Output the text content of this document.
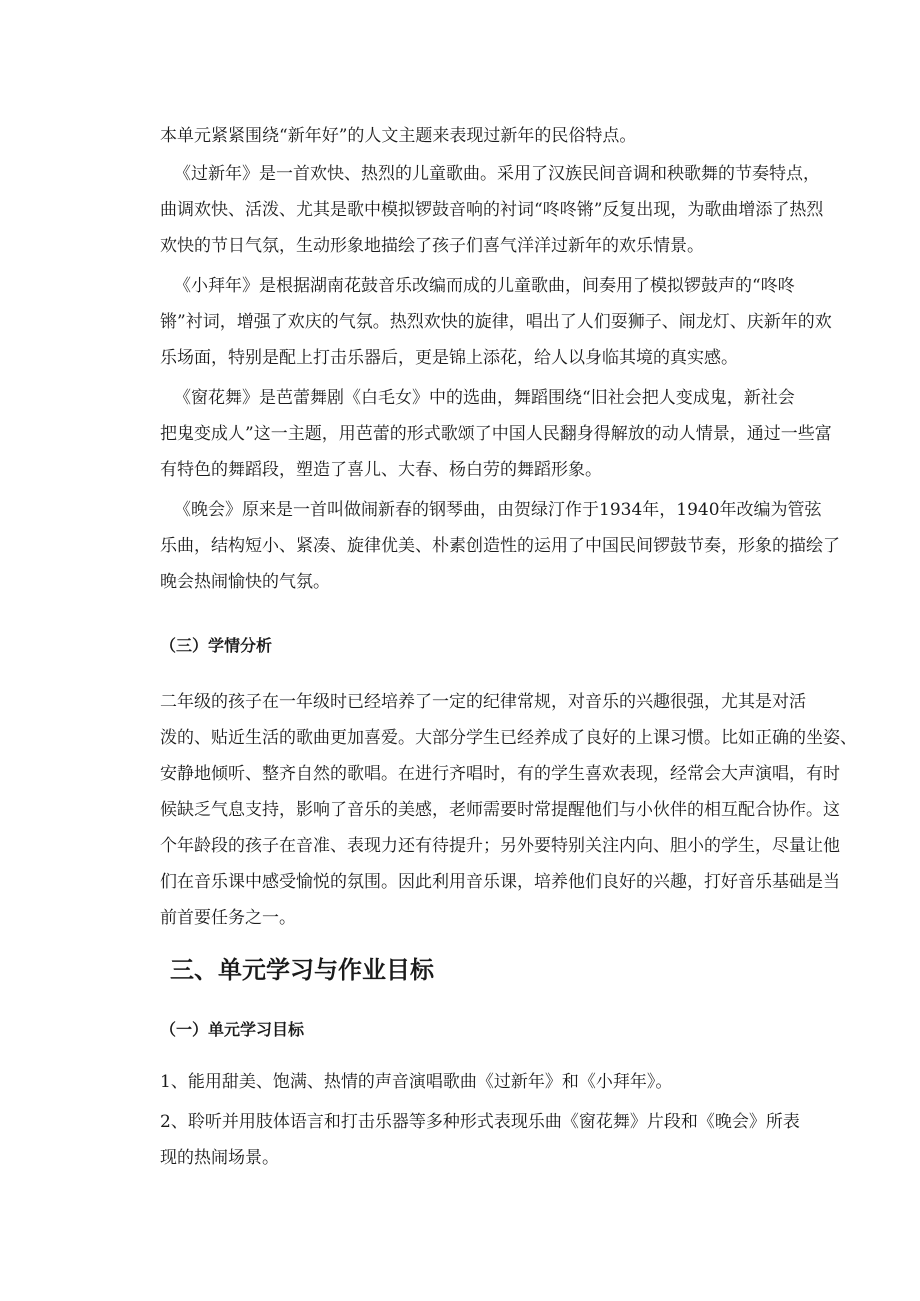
本单元紧紧围绕“新年好”的人文主题来表现过新年的民俗特点。
《过新年》是一首欢快、热烈的儿童歌曲。采用了汉族民间音调和秧歌舞的节奏特点，
曲调欢快、活泼、尤其是歌中模拟锣鼓音响的衬词“咚咚锵”反复出现，为歌曲增添了热烈
欢快的节日气氛，生动形象地描绘了孩子们喜气洋洋过新年的欢乐情景。
《小拜年》是根据湖南花鼓音乐改编而成的儿童歌曲，间奏用了模拟锣鼓声的“咚咚
锵”衬词，增强了欢庆的气氛。热烈欢快的旋律，唱出了人们耍狮子、闹龙灯、庆新年的欢
乐场面，特别是配上打击乐器后，更是锦上添花，给人以身临其境的真实感。
《窗花舞》是芭蕾舞剧《白毛女》中的选曲，舞蹈围绕“旧社会把人变成鬼，新社会
把鬼变成人”这一主题，用芭蕾的形式歌颂了中国人民翻身得解放的动人情景，通过一些富
有特色的舞蹈段，塑造了喜儿、大春、杨白劳的舞蹈形象。
《晚会》原来是一首叫做闹新春的钢琴曲，由贺绿汀作于1934年，1940年改编为管弦
乐曲，结构短小、紧凑、旋律优美、朴素创造性的运用了中国民间锣鼓节奏，形象的描绘了
晚会热闹愉快的气氛。
（三）学情分析
二年级的孩子在一年级时已经培养了一定的纪律常规，对音乐的兴趣很强，尤其是对活
泼的、贴近生活的歌曲更加喜爱。大部分学生已经养成了良好的上课习惯。比如正确的坐姿、
安静地倾听、整齐自然的歌唱。在进行齐唱时，有的学生喜欢表现，经常会大声演唱，有时
候缺乏气息支持，影响了音乐的美感，老师需要时常提醒他们与小伙伴的相互配合协作。这
个年龄段的孩子在音准、表现力还有待提升；另外要特别关注内向、胆小的学生，尽量让他
们在音乐课中感受愉悦的氛围。因此利用音乐课，培养他们良好的兴趣，打好音乐基础是当
前首要任务之一。
三、单元学习与作业目标
（一）单元学习目标
1、能用甜美、饱满、热情的声音演唱歌曲《过新年》和《小拜年》。
2、聆听并用肢体语言和打击乐器等多种形式表现乐曲《窗花舞》片段和《晚会》所表
现的热闹场景。
